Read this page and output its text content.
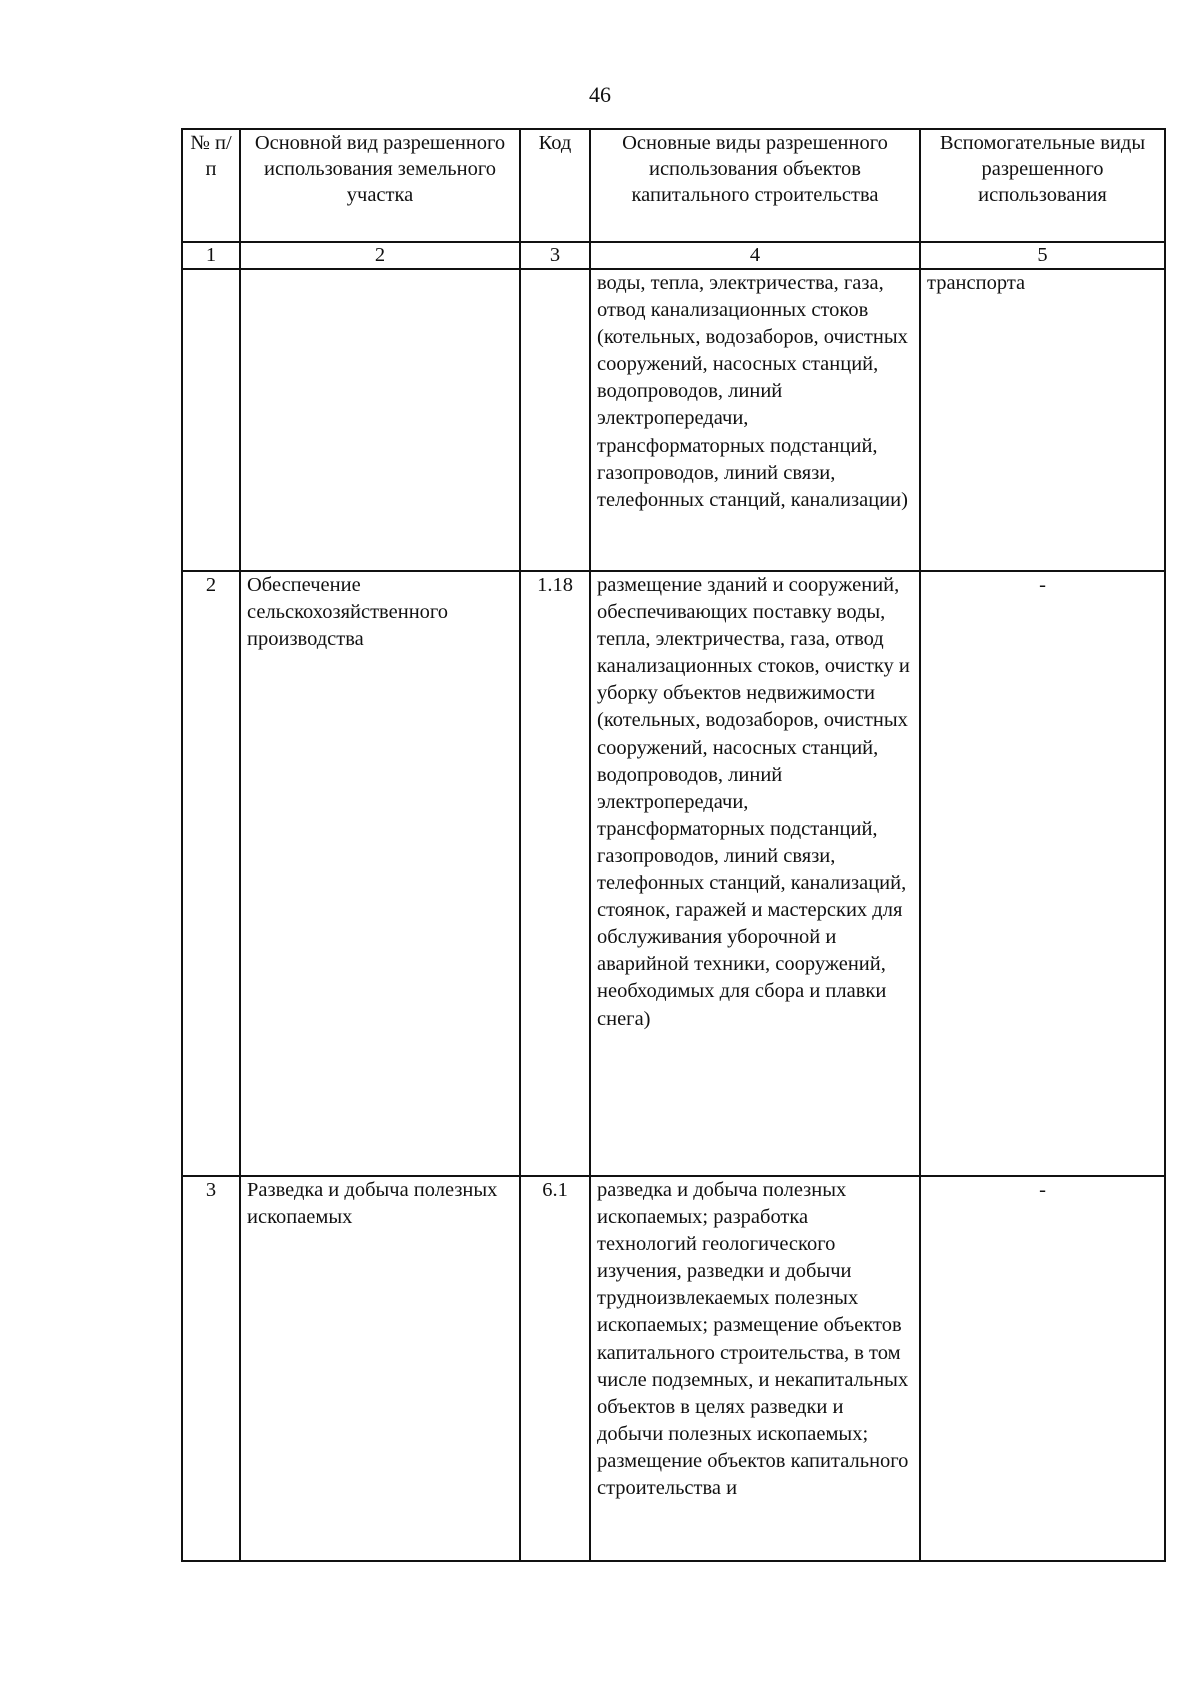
46
№ п/п	Основной вид разрешенного использования земельного участка	Код	Основные виды разрешенного использования объектов капитального строительства	Вспомогательные виды разрешенного использования
1	2	3	4	5
			воды, тепла, электричества, газа, отвод канализационных стоков (котельных, водозаборов, очистных сооружений, насосных станций, водопроводов, линий электропередачи, трансформаторных подстанций, газопроводов, линий связи, телефонных станций, канализации)	транспорта
2	Обеспечение сельскохозяйственного производства	1.18	размещение зданий и сооружений, обеспечивающих поставку воды, тепла, электричества, газа, отвод канализационных стоков, очистку и уборку объектов недвижимости (котельных, водозаборов, очистных сооружений, насосных станций, водопроводов, линий электропередачи, трансформаторных подстанций, газопроводов, линий связи, телефонных станций, канализаций, стоянок, гаражей и мастерских для обслуживания уборочной и аварийной техники, сооружений, необходимых для сбора и плавки снега)	-
3	Разведка и добыча полезных ископаемых	6.1	разведка и добыча полезных ископаемых; разработка технологий геологического изучения, разведки и добычи трудноизвлекаемых полезных ископаемых; размещение объектов капитального строительства, в том числе подземных, и некапитальных объектов в целях разведки и добычи полезных ископаемых; размещение объектов капитального строительства и	-
